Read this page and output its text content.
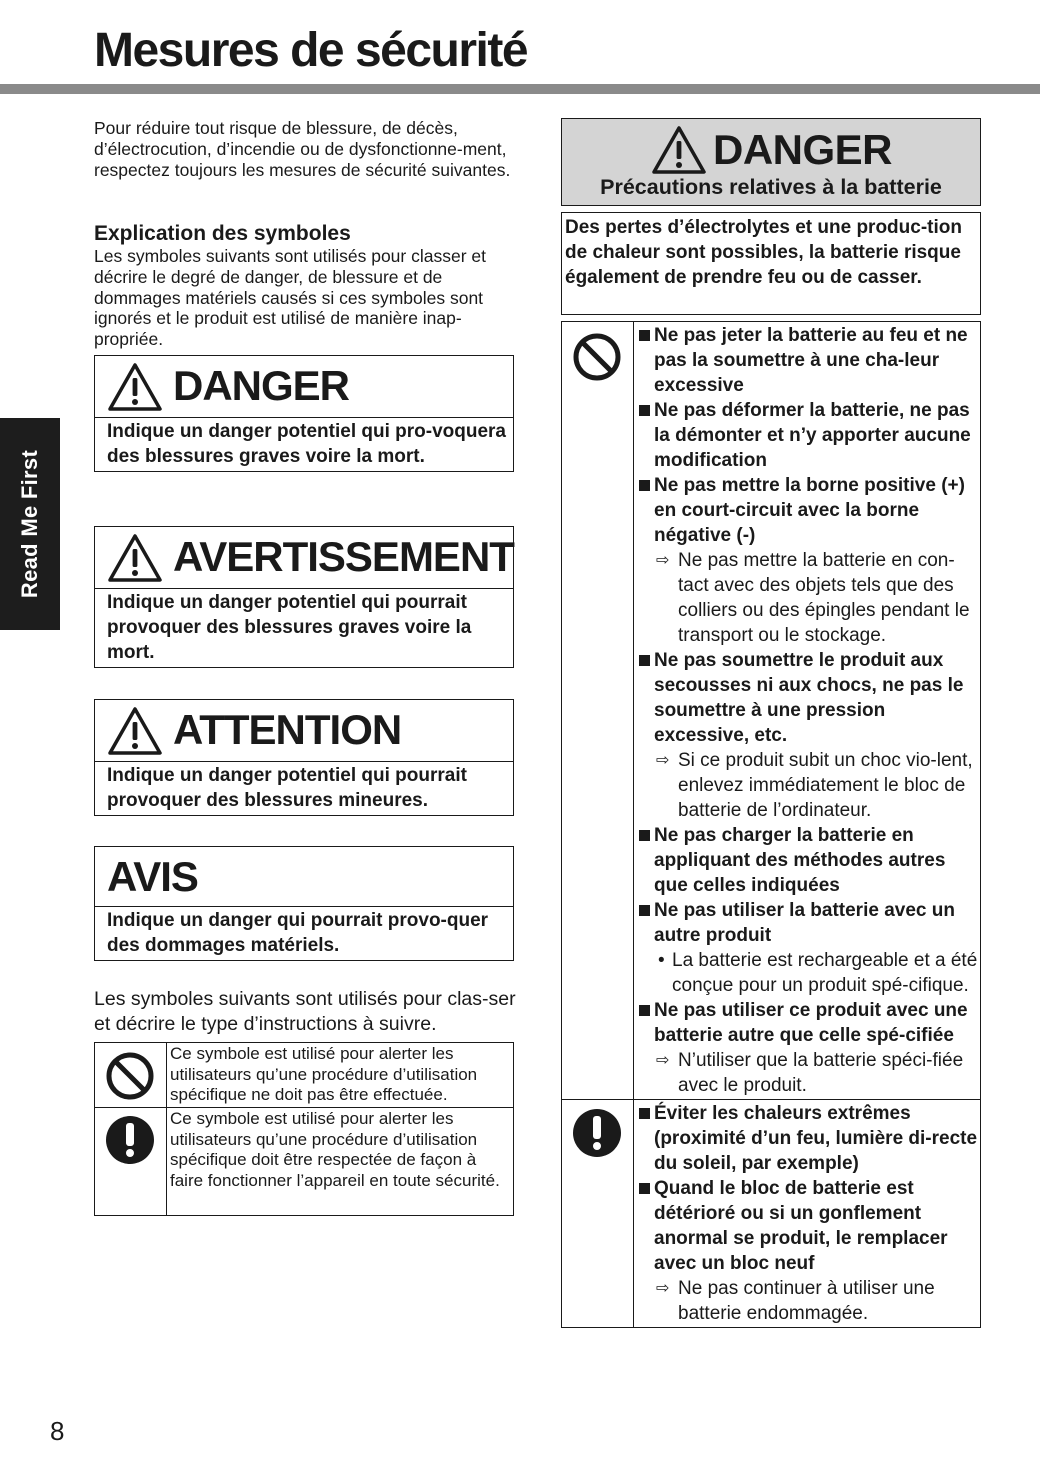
Mesures de sécurité
Read Me First

Pour réduire tout risque de blessure, de décès, d’électrocution, d’incendie ou de dysfonctionne-ment, respectez toujours les mesures de sécurité suivantes.

Explication des symboles

Les symboles suivants sont utilisés pour classer et décrire le degré de danger, de blessure et de dommages matériels causés si ces symboles sont ignorés et le produit est utilisé de manière inap-propriée.

DANGER
Indique un danger potentiel qui pro-voquera des blessures graves voire la mort.
AVERTISSEMENT
Indique un danger potentiel qui pourrait provoquer des blessures graves voire la mort.
ATTENTION
Indique un danger potentiel qui pourrait provoquer des blessures mineures.
AVIS
Indique un danger qui pourrait provo-quer des dommages matériels.

Les symboles suivants sont utilisés pour clas-ser et décrire le type d’instructions à suivre.

Ce symbole est utilisé pour alerter les utilisateurs qu’une procédure d’utilisation spécifique ne doit pas être effectuée.
Ce symbole est utilisé pour alerter les utilisateurs qu’une procédure d’utilisation spécifique doit être respectée de façon à faire fonctionner l’appareil en toute sécurité.
DANGER
Précautions relatives à la batterie
Des pertes d’électrolytes et une produc-tion de chaleur sont possibles, la batterie risque également de prendre feu ou de casser.
Ne pas jeter la batterie au feu et ne pas la soumettre à une cha-leur excessive
Ne pas déformer la batterie, ne pas la démonter et n’y apporter aucune modification
Ne pas mettre la borne positive (+) en court-circuit avec la borne négative (-)
⇨ Ne pas mettre la batterie en con-tact avec des objets tels que des colliers ou des épingles pendant le transport ou le stockage.
Ne pas soumettre le produit aux secousses ni aux chocs, ne pas le soumettre à une pression excessive, etc.
⇨ Si ce produit subit un choc vio-lent, enlevez immédiatement le bloc de batterie de l’ordinateur.
Ne pas charger la batterie en appliquant des méthodes autres que celles indiquées
Ne pas utiliser la batterie avec un autre produit
• La batterie est rechargeable et a été conçue pour un produit spé-cifique.
Ne pas utiliser ce produit avec une batterie autre que celle spé-cifiée
⇨ N’utiliser que la batterie spéci-fiée avec le produit.
Éviter les chaleurs extrêmes (proximité d’un feu, lumière di-recte du soleil, par exemple)
Quand le bloc de batterie est détérioré ou si un gonflement anormal se produit, le remplacer avec un bloc neuf
⇨ Ne pas continuer à utiliser une batterie endommagée.
8
